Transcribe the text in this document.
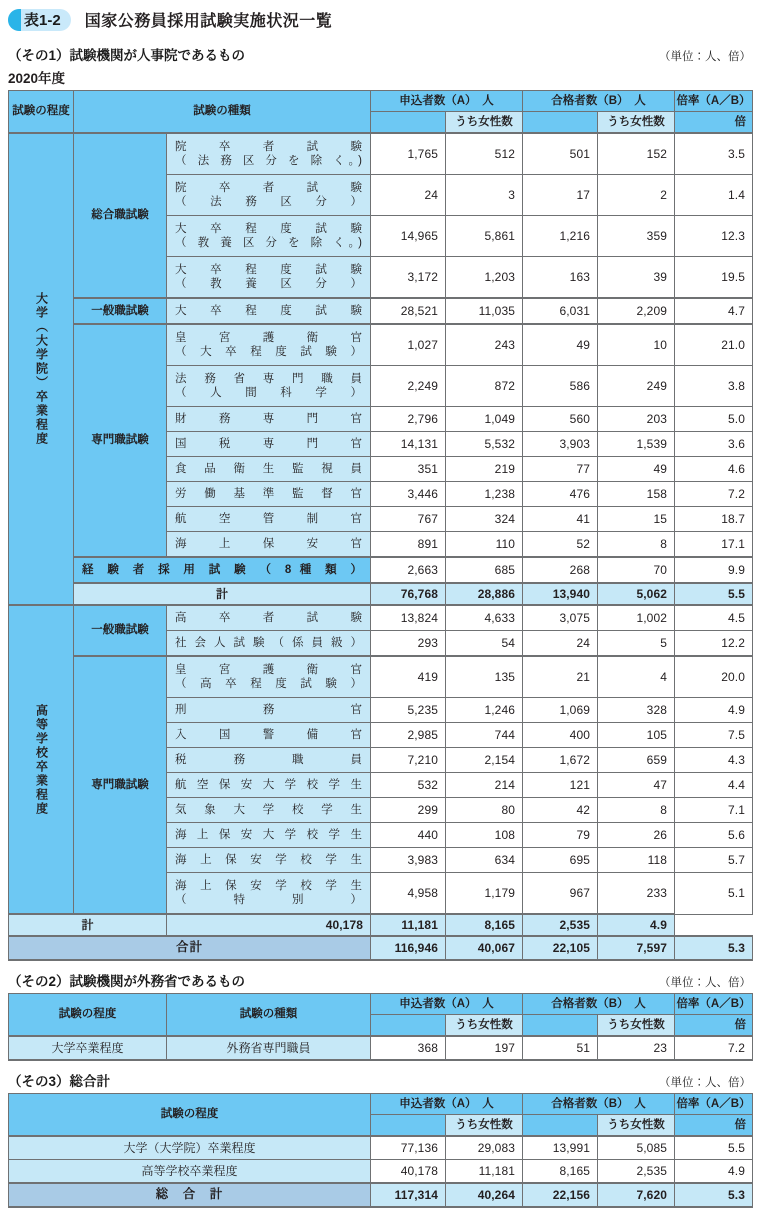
表1-2 国家公務員採用試験実施状況一覧
（その1）試験機関が人事院であるもの	（単位：人、倍）
2020年度
試験の程度	試験の種類		申込者数（A）　人		合格者数（B）　人		倍率（A／B）
				うち女性数		うち女性数	倍
大学（大学院）卒業程度	総合職試験	院　卒　者　試　験
（ 法 務 区 分 を 除 く。)	1,765	512	501	152	3.5

		院　卒　者　試　験
（　法　務　区　分　）	24	3	17	2	1.4

		大　卒　程　度　試　験
（ 教 養 区 分 を 除 く。)	14,965	5,861	1,216	359	12.3

		大　卒　程　度　試　験
（　教　養　区　分　）	3,172	1,203	163	39	19.5
	一般職試験	大　卒　程　度　試　験	28,521	11,035	6,031	2,209	4.7
	専門職試験	皇　宮　護　衛　官
（ 大 卒 程 度 試 験 ）	1,027	243	49	10	21.0

		法 務 省 専 門 職 員
（　人　間　科　学　）	2,249	872	586	249	3.8

		財　務　専　門　官	2,796	1,049	560	203	5.0

		国　税　専　門　官	14,131	5,532	3,903	1,539	3.6

		食 品 衛 生 監 視 員	351	219	77	49	4.6

		労 働 基 準 監 督 官	3,446	1,238	476	158	7.2

		航　空　管　制　官	767	324	41	15	18.7

		海　上　保　安　官	891	110	52	8	17.1
	経 験 者 採 用 試 験 （ 8 種 類 ）		2,663	685	268	70	9.9
	計		76,768	28,886	13,940	5,062	5.5
高等学校卒業程度	一般職試験	高　卒　者　試　験	13,824	4,633	3,075	1,002	4.5

		社 会 人 試 験 （ 係 員 級 ）	293	54	24	5	12.2
	専門職試験	皇　宮　護　衛　官
（ 高 卒 程 度 試 験 ）	419	135	21	4	20.0

		刑　　　務　　　官	5,235	1,246	1,069	328	4.9

		入　国　警　備　官	2,985	744	400	105	7.5

		税　　務　　職　　員	7,210	2,154	1,672	659	4.3

		航 空 保 安 大 学 校 学 生	532	214	121	47	4.4

		気 象 大 学 校 学 生	299	80	42	8	7.1

		海 上 保 安 大 学 校 学 生	440	108	79	26	5.6

		海 上 保 安 学 校 学 生	3,983	634	695	118	5.7

		海 上 保 安 学 校 学 生
（　　　特　　　別　　　）	4,958	1,179	967	233	5.1
計		40,178	11,181	8,165	2,535	4.9	
合計			116,946	40,067	22,105	7,597	5.3
（その2）試験機関が外務省であるもの	（単位：人、倍）
試験の程度	試験の種類	申込者数（A）　人		合格者数（B）　人		倍率（A／B）
			うち女性数		うち女性数	倍
大学卒業程度	外務省専門職員	368	197	51	23	7.2
（その3）総合計	（単位：人、倍）
試験の程度	申込者数（A）　人		合格者数（B）　人		倍率（A／B）
		うち女性数		うち女性数	倍
大学（大学院）卒業程度	77,136	29,083	13,991	5,085	5.5
高等学校卒業程度	40,178	11,181	8,165	2,535	4.9
総　合　計	117,314	40,264	22,156	7,620	5.3
